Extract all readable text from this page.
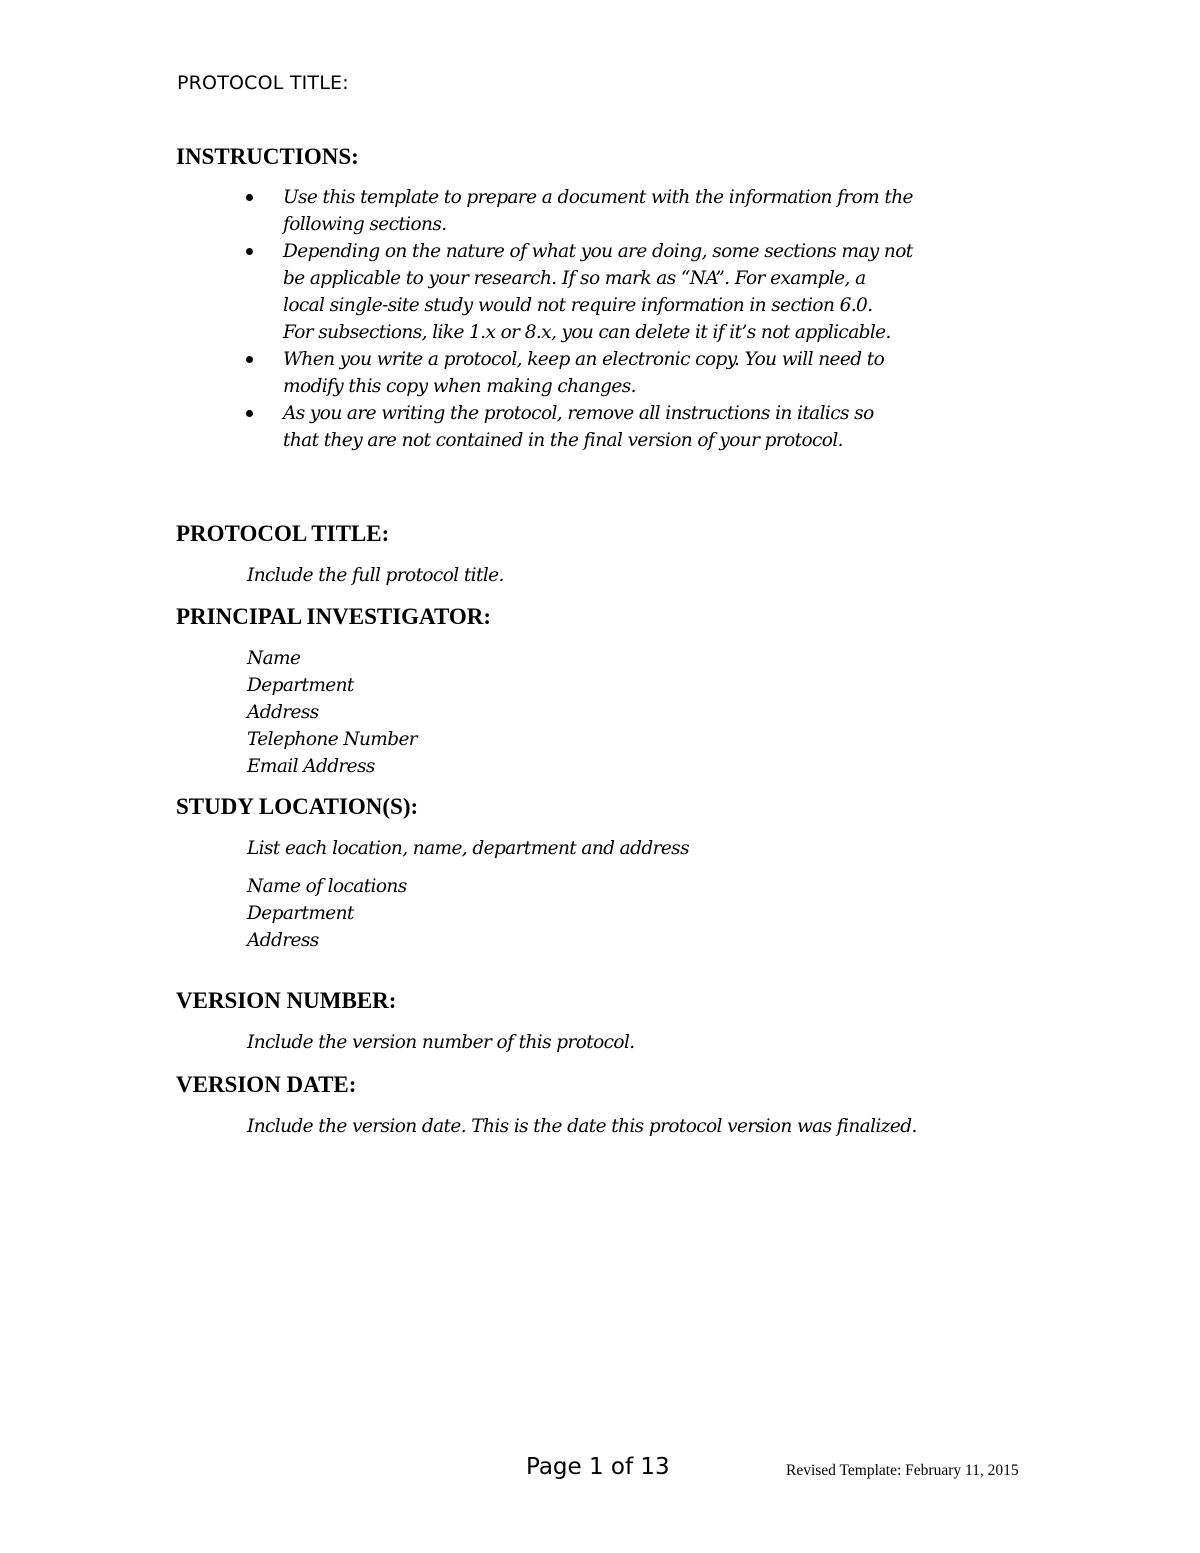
PROTOCOL TITLE:
INSTRUCTIONS:
Use this template to prepare a document with the information from the
following sections.
Depending on the nature of what you are doing, some sections may not
be applicable to your research. If so mark as “NA”. For example, a
local single-site study would not require information in section 6.0.
For subsections, like 1.x or 8.x, you can delete it if it’s not applicable.
When you write a protocol, keep an electronic copy. You will need to
modify this copy when making changes.
As you are writing the protocol, remove all instructions in italics so
that they are not contained in the final version of your protocol.
PROTOCOL TITLE:
Include the full protocol title.
PRINCIPAL INVESTIGATOR:
Name
Department
Address
Telephone Number
Email Address
STUDY LOCATION(S):
List each location, name, department and address
Name of locations
Department
Address
VERSION NUMBER:
Include the version number of this protocol.
VERSION DATE:
Include the version date. This is the date this protocol version was finalized.
Page 1 of 13	Revised Template: February 11, 2015
